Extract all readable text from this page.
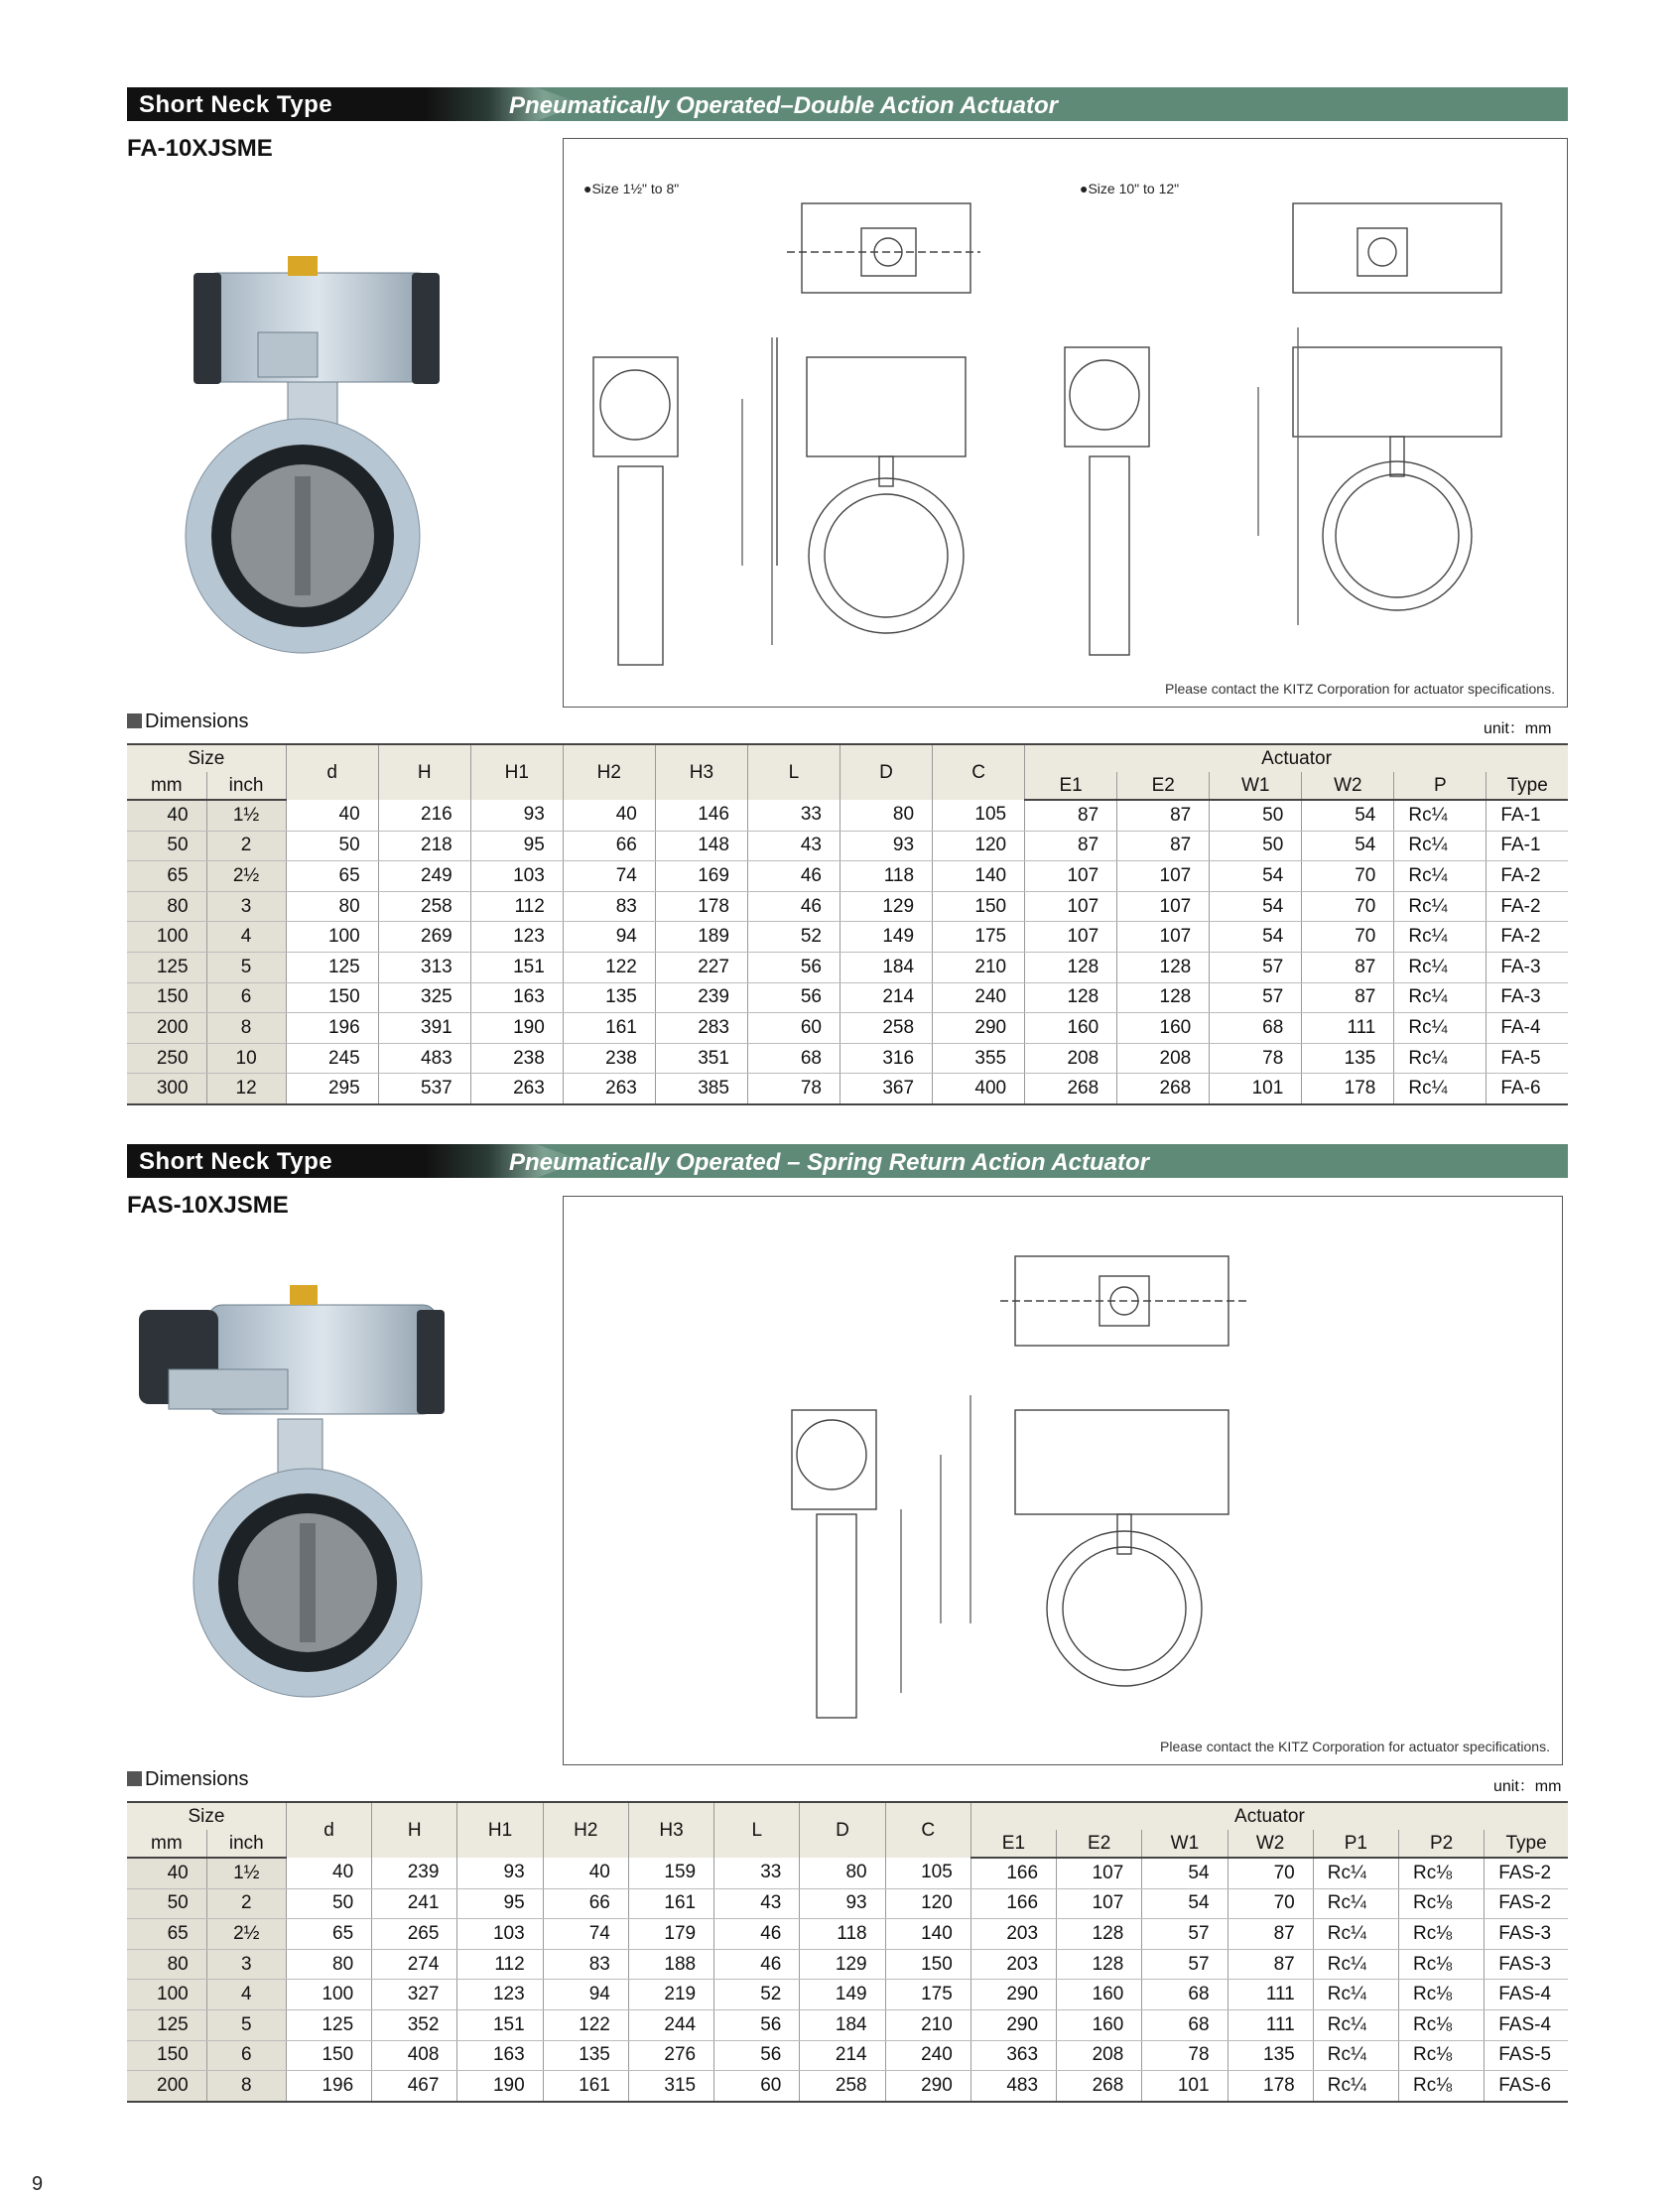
Short Neck Type	Pneumatically Operated–Double Action Actuator
FA-10XJSME
●Size 1½" to 8"	●Size 10" to 12"
Please contact the KITZ Corporation for actuator specifications.
Dimensions	unit：mm
Size		d	H	H1	H2	H3	L	D	C	Actuator					
mm	inch									E1	E2	W1	W2	P	Type
40	1½	40	216	93	40	146	33	80	105	87	87	50	54	Rc¼	FA-1
50	2	50	218	95	66	148	43	93	120	87	87	50	54	Rc¼	FA-1
65	2½	65	249	103	74	169	46	118	140	107	107	54	70	Rc¼	FA-2
80	3	80	258	112	83	178	46	129	150	107	107	54	70	Rc¼	FA-2
100	4	100	269	123	94	189	52	149	175	107	107	54	70	Rc¼	FA-2
125	5	125	313	151	122	227	56	184	210	128	128	57	87	Rc¼	FA-3
150	6	150	325	163	135	239	56	214	240	128	128	57	87	Rc¼	FA-3
200	8	196	391	190	161	283	60	258	290	160	160	68	111	Rc¼	FA-4
250	10	245	483	238	238	351	68	316	355	208	208	78	135	Rc¼	FA-5
300	12	295	537	263	263	385	78	367	400	268	268	101	178	Rc¼	FA-6
Short Neck Type	Pneumatically Operated – Spring Return Action Actuator
FAS-10XJSME
Please contact the KITZ Corporation for actuator specifications.
Dimensions	unit：mm
Size		d	H	H1	H2	H3	L	D	C	Actuator						
mm	inch									E1	E2	W1	W2	P1	P2	Type
40	1½	40	239	93	40	159	33	80	105	166	107	54	70	Rc¼	Rc⅛	FAS-2
50	2	50	241	95	66	161	43	93	120	166	107	54	70	Rc¼	Rc⅛	FAS-2
65	2½	65	265	103	74	179	46	118	140	203	128	57	87	Rc¼	Rc⅛	FAS-3
80	3	80	274	112	83	188	46	129	150	203	128	57	87	Rc¼	Rc⅛	FAS-3
100	4	100	327	123	94	219	52	149	175	290	160	68	111	Rc¼	Rc⅛	FAS-4
125	5	125	352	151	122	244	56	184	210	290	160	68	111	Rc¼	Rc⅛	FAS-4
150	6	150	408	163	135	276	56	214	240	363	208	78	135	Rc¼	Rc⅛	FAS-5
200	8	196	467	190	161	315	60	258	290	483	268	101	178	Rc¼	Rc⅛	FAS-6
9
